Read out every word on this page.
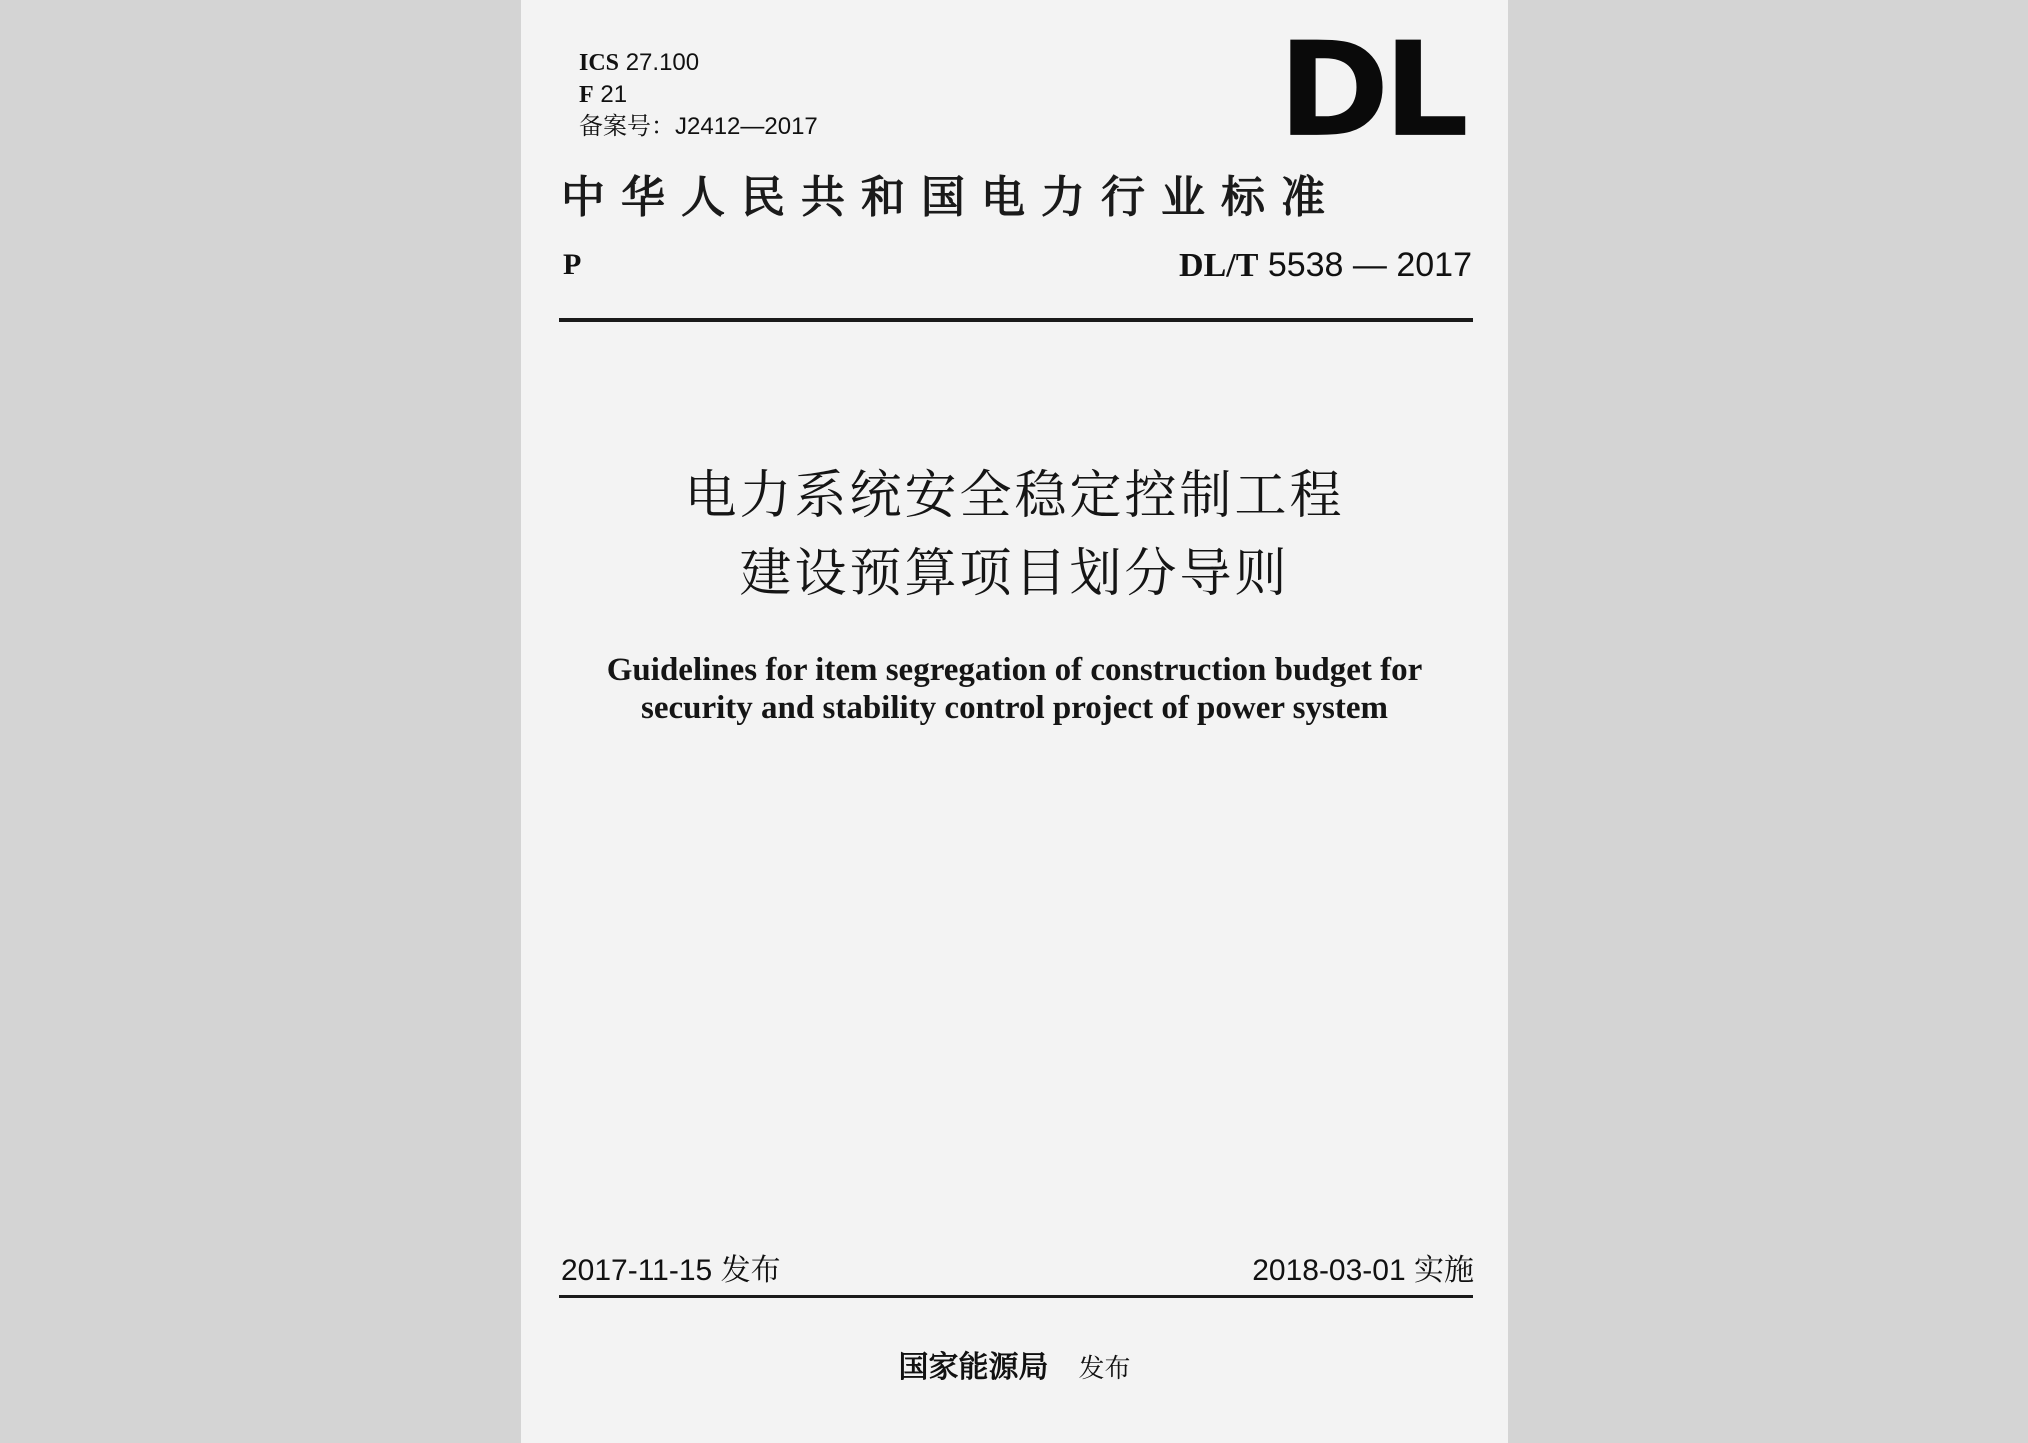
ICS 27.100
F 21
备案号：J2412—2017	DL
中华人民共和国电力行业标准
P	DL/T 5538 — 2017
电力系统安全稳定控制工程
建设预算项目划分导则
Guidelines for item segregation of construction budget for
security and stability control project of power system
2017-11-15 发布	2018-03-01 实施
国家能源局 发布
